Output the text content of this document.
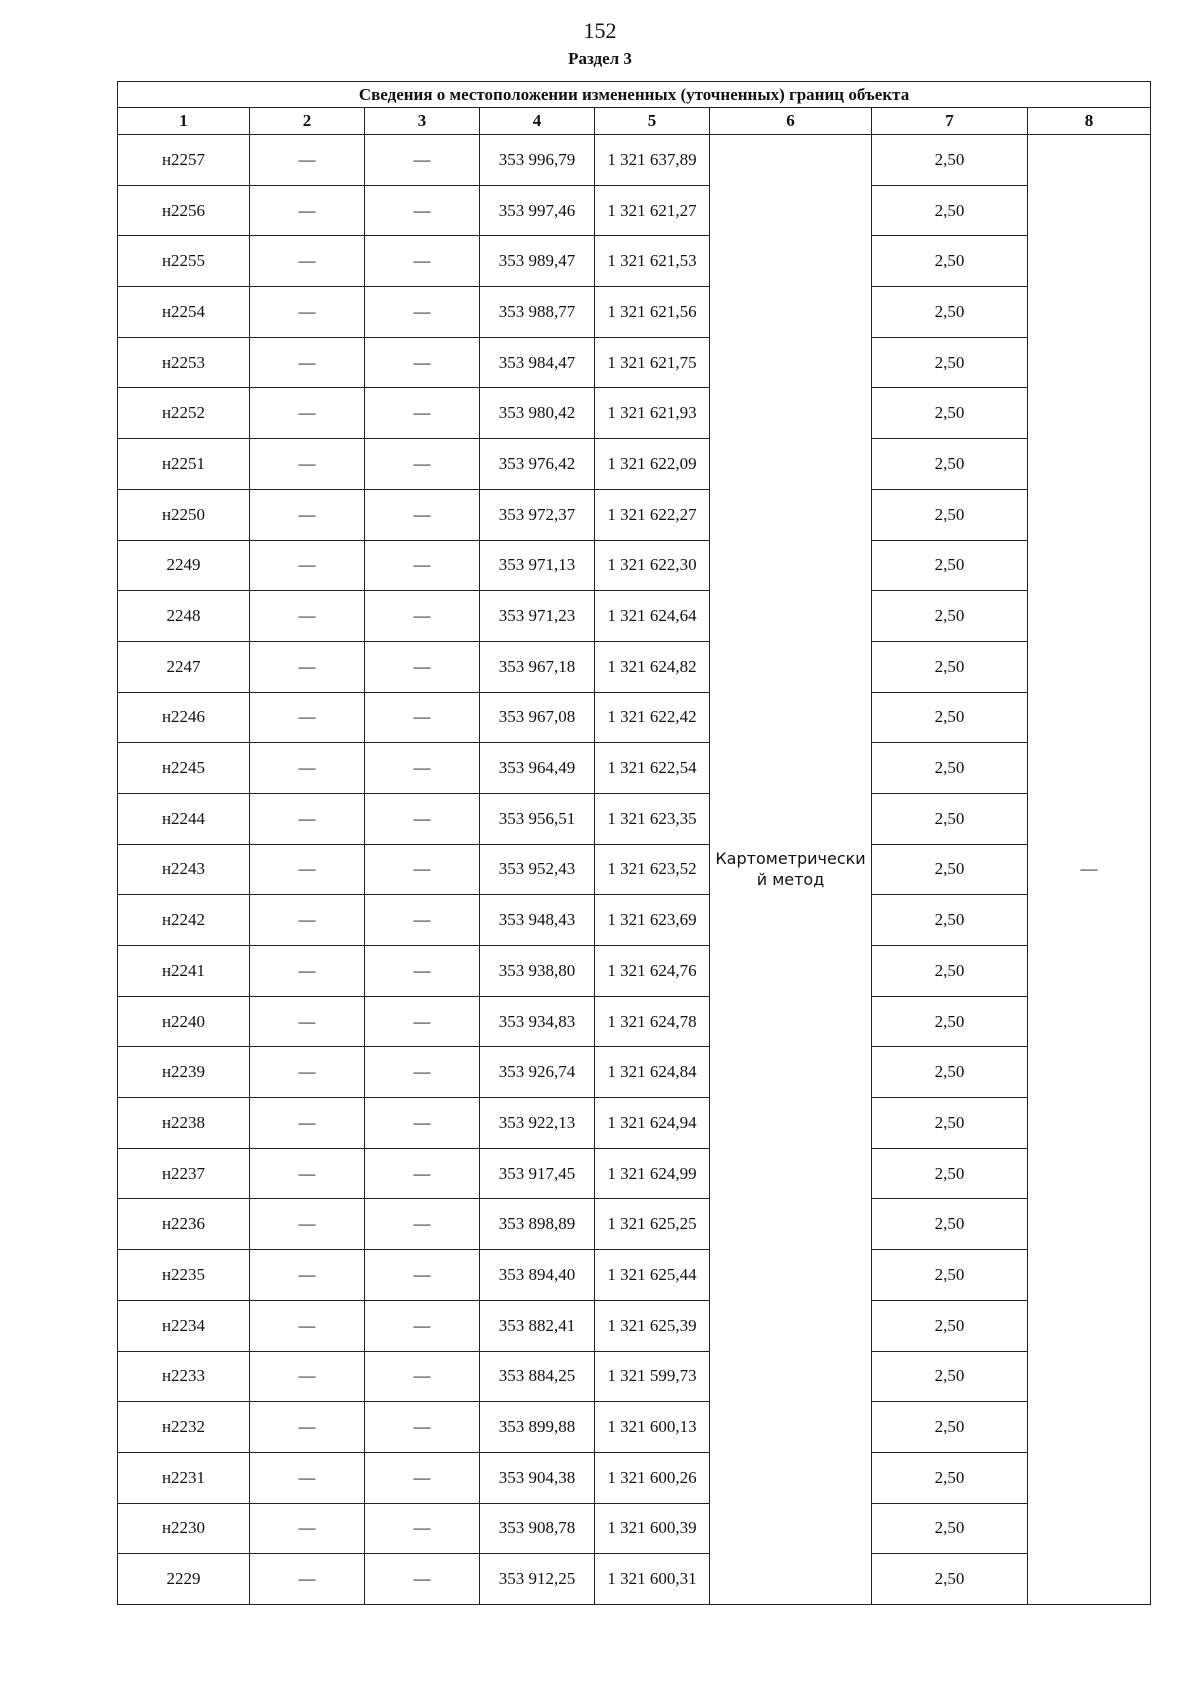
152
Раздел 3
Сведения о местоположении измененных (уточненных) границ объекта							
1	2	3	4	5	6	7	8
н2257	—	—	353 996,79	1 321 637,89	Картометрический метод	2,50	—
н2256	—	—	353 997,46	1 321 621,27		2,50	
н2255	—	—	353 989,47	1 321 621,53		2,50	
н2254	—	—	353 988,77	1 321 621,56		2,50	
н2253	—	—	353 984,47	1 321 621,75		2,50	
н2252	—	—	353 980,42	1 321 621,93		2,50	
н2251	—	—	353 976,42	1 321 622,09		2,50	
н2250	—	—	353 972,37	1 321 622,27		2,50	
2249	—	—	353 971,13	1 321 622,30		2,50	
2248	—	—	353 971,23	1 321 624,64		2,50	
2247	—	—	353 967,18	1 321 624,82		2,50	
н2246	—	—	353 967,08	1 321 622,42		2,50	
н2245	—	—	353 964,49	1 321 622,54		2,50	
н2244	—	—	353 956,51	1 321 623,35		2,50	
н2243	—	—	353 952,43	1 321 623,52		2,50	
н2242	—	—	353 948,43	1 321 623,69		2,50	
н2241	—	—	353 938,80	1 321 624,76		2,50	
н2240	—	—	353 934,83	1 321 624,78		2,50	
н2239	—	—	353 926,74	1 321 624,84		2,50	
н2238	—	—	353 922,13	1 321 624,94		2,50	
н2237	—	—	353 917,45	1 321 624,99		2,50	
н2236	—	—	353 898,89	1 321 625,25		2,50	
н2235	—	—	353 894,40	1 321 625,44		2,50	
н2234	—	—	353 882,41	1 321 625,39		2,50	
н2233	—	—	353 884,25	1 321 599,73		2,50	
н2232	—	—	353 899,88	1 321 600,13		2,50	
н2231	—	—	353 904,38	1 321 600,26		2,50	
н2230	—	—	353 908,78	1 321 600,39		2,50	
2229	—	—	353 912,25	1 321 600,31		2,50	
